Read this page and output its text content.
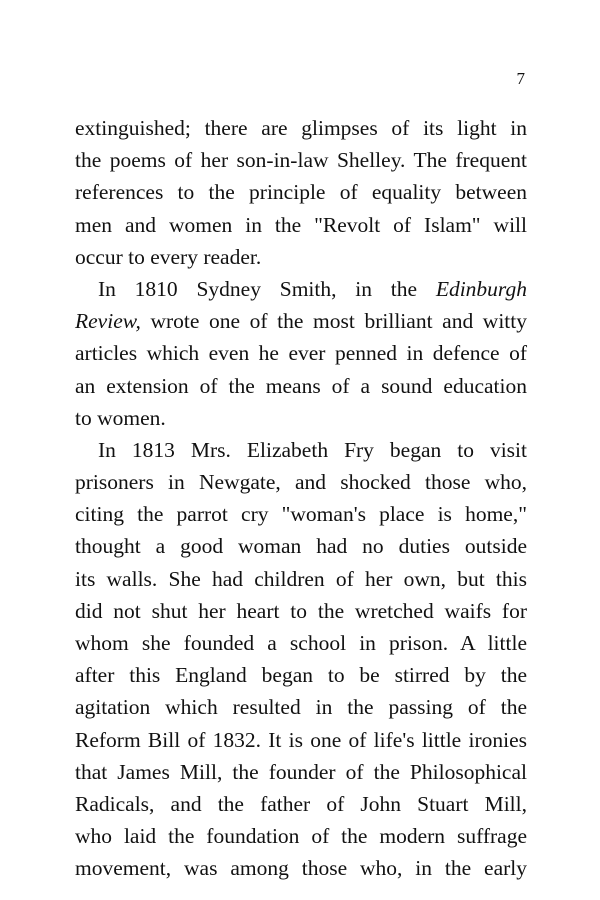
7
extinguished; there are glimpses of its light in
the poems of her son-in-law Shelley. The frequent
references to the principle of equality between
men and women in the "Revolt of Islam" will
occur to every reader.
In 1810 Sydney Smith, in the Edinburgh
Review, wrote one of the most brilliant and witty
articles which even he ever penned in defence of
an extension of the means of a sound education
to women.
In 1813 Mrs. Elizabeth Fry began to visit
prisoners in Newgate, and shocked those who,
citing the parrot cry "woman's place is home,"
thought a good woman had no duties outside
its walls. She had children of her own, but this
did not shut her heart to the wretched waifs for
whom she founded a school in prison. A little
after this England began to be stirred by the
agitation which resulted in the passing of the
Reform Bill of 1832. It is one of life's little ironies
that James Mill, the founder of the Philosophical
Radicals, and the father of John Stuart Mill,
who laid the foundation of the modern suffrage
movement, was among those who, in the early
